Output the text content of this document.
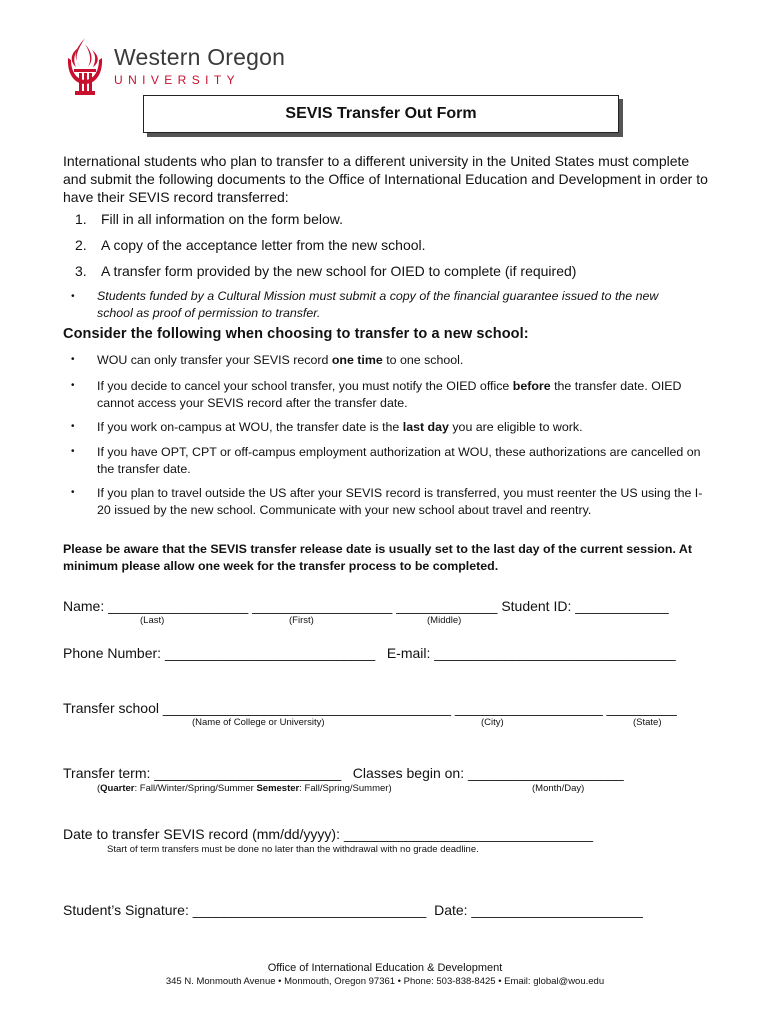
Western Oregon
UNIVERSITY
SEVIS Transfer Out Form
International students who plan to transfer to a different university in the United States must complete and submit the following documents to the Office of International Education and Development in order to have their SEVIS record transferred:
1. Fill in all information on the form below.
2. A copy of the acceptance letter from the new school.
3. A transfer form provided by the new school for OIED to complete (if required)
• Students funded by a Cultural Mission must submit a copy of the financial guarantee issued to the new school as proof of permission to transfer.
Consider the following when choosing to transfer to a new school:
• WOU can only transfer your SEVIS record one time to one school.
• If you decide to cancel your school transfer, you must notify the OIED office before the transfer date. OIED cannot access your SEVIS record after the transfer date.
• If you work on-campus at WOU, the transfer date is the last day you are eligible to work.
• If you have OPT, CPT or off-campus employment authorization at WOU, these authorizations are cancelled on the transfer date.
• If you plan to travel outside the US after your SEVIS record is transferred, you must reenter the US using the I-20 issued by the new school. Communicate with your new school about travel and reentry.
Please be aware that the SEVIS transfer release date is usually set to the last day of the current session. At minimum please allow one week for the transfer process to be completed.
Name: __________________ __________________ _____________ Student ID: ____________
(Last)	(First)	(Middle)
Phone Number: ___________________________   E-mail: _______________________________
Transfer school _____________________________________ ___________________ _________
(Name of College or University)	(City)	(State)
Transfer term: ________________________   Classes begin on: ____________________
(Quarter: Fall/Winter/Spring/Summer Semester: Fall/Spring/Summer)	(Month/Day)
Date to transfer SEVIS record (mm/dd/yyyy): ________________________________
Start of term transfers must be done no later than the withdrawal with no grade deadline.
Student’s Signature: ______________________________  Date: ______________________
Office of International Education & Development
345 N. Monmouth Avenue • Monmouth, Oregon 97361 • Phone: 503-838-8425 • Email: global@wou.edu
